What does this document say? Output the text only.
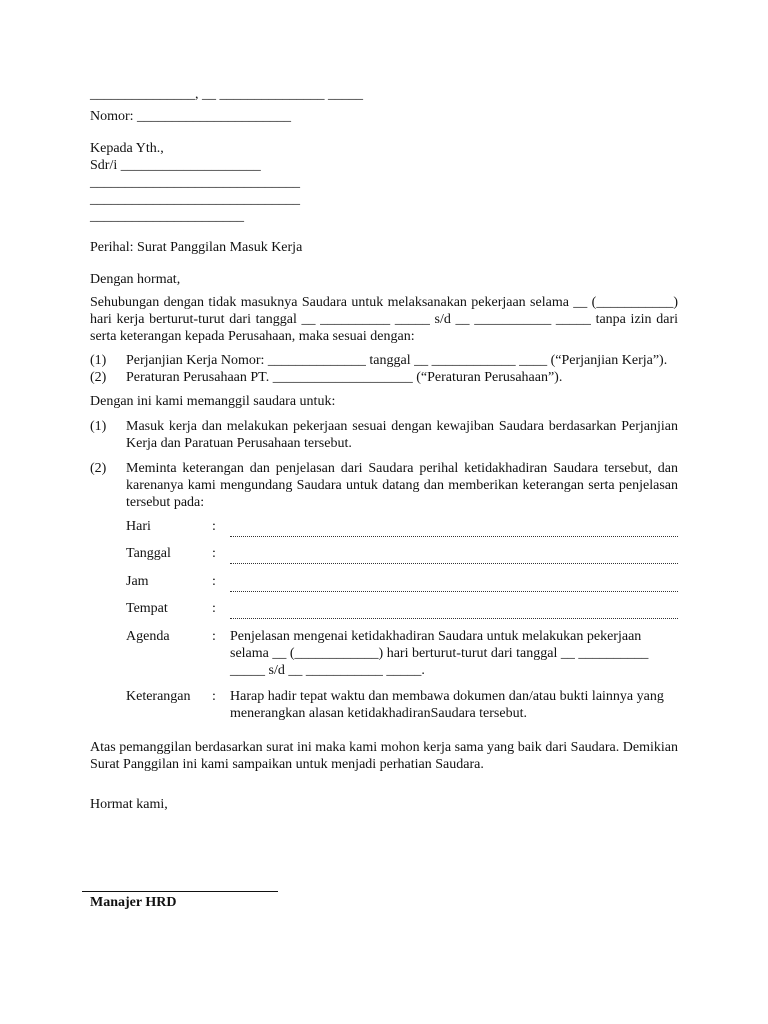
_______________, __ _______________ _____
Nomor: ______________________
Kepada Yth.,
Sdr/i ____________________
______________________________
______________________________
______________________
Perihal: Surat Panggilan Masuk Kerja
Dengan hormat,
Sehubungan dengan tidak masuknya Saudara untuk melaksanakan pekerjaan selama __ (___________) hari kerja berturut-turut dari tanggal __ __________ _____ s/d __ ___________ _____ tanpa izin dari serta keterangan kepada Perusahaan, maka sesuai dengan:
(1) Perjanjian Kerja Nomor: ______________ tanggal __ ____________ ____ (“Perjanjian Kerja”).
(2) Peraturan Perusahaan PT. ____________________ (“Peraturan Perusahaan”).
Dengan ini kami memanggil saudara untuk:
(1) Masuk kerja dan melakukan pekerjaan sesuai dengan kewajiban Saudara berdasarkan Perjanjian Kerja dan Paratuan Perusahaan tersebut.
(2) Meminta keterangan dan penjelasan dari Saudara perihal ketidakhadiran Saudara tersebut, dan karenanya kami mengundang Saudara untuk datang dan memberikan keterangan serta penjelasan tersebut pada:
Hari	:
Tanggal	:
Jam	:
Tempat	:
Agenda	: Penjelasan mengenai ketidakhadiran Saudara untuk melakukan pekerjaan selama __ (____________) hari berturut-turut dari tanggal __ __________ _____ s/d __ ___________ _____.
Keterangan : Harap hadir tepat waktu dan membawa dokumen dan/atau bukti lainnya yang menerangkan alasan ketidakhadiranSaudara tersebut.
Atas pemanggilan berdasarkan surat ini maka kami mohon kerja sama yang baik dari Saudara. Demikian Surat Panggilan ini kami sampaikan untuk menjadi perhatian Saudara.
Hormat kami,
Manajer HRD
